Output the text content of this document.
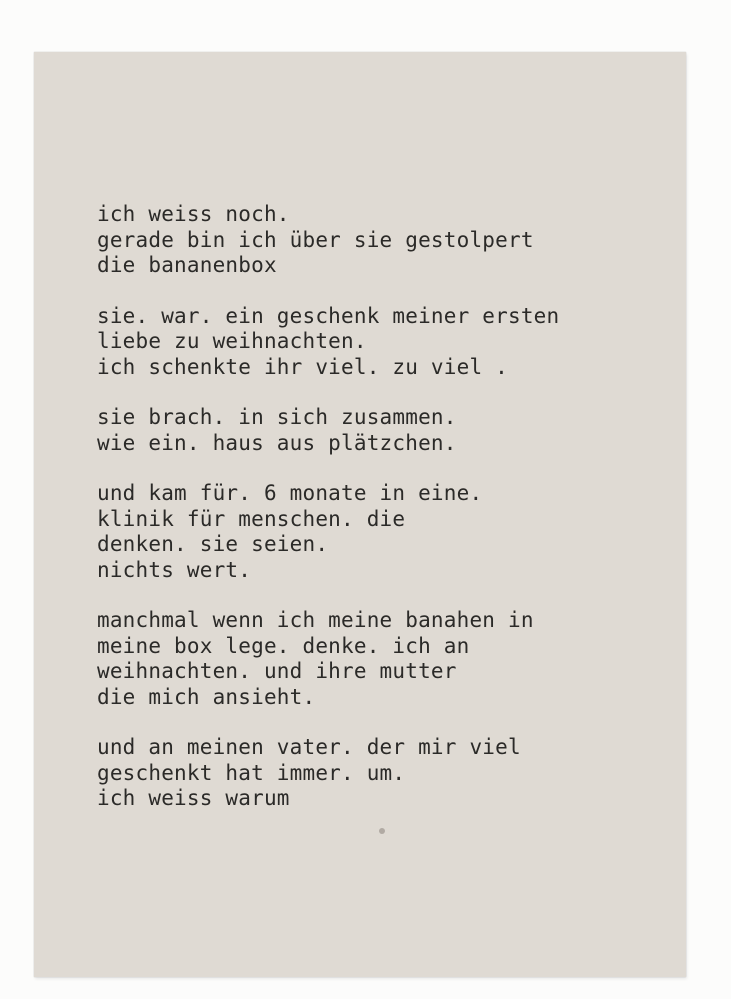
ich weiss noch.
gerade bin ich über sie gestolpert
die bananenbox
sie. war. ein geschenk meiner ersten
liebe zu weihnachten.
ich schenkte ihr viel. zu viel .
sie brach. in sich zusammen.
wie ein. haus aus plätzchen.
und kam für. 6 monate in eine.
klinik für menschen. die
denken. sie seien.
nichts wert.
manchmal wenn ich meine banahen in
meine box lege. denke. ich an
weihnachten. und ihre mutter
die mich ansieht.
und an meinen vater. der mir viel
geschenkt hat immer. um.
ich weiss warum
